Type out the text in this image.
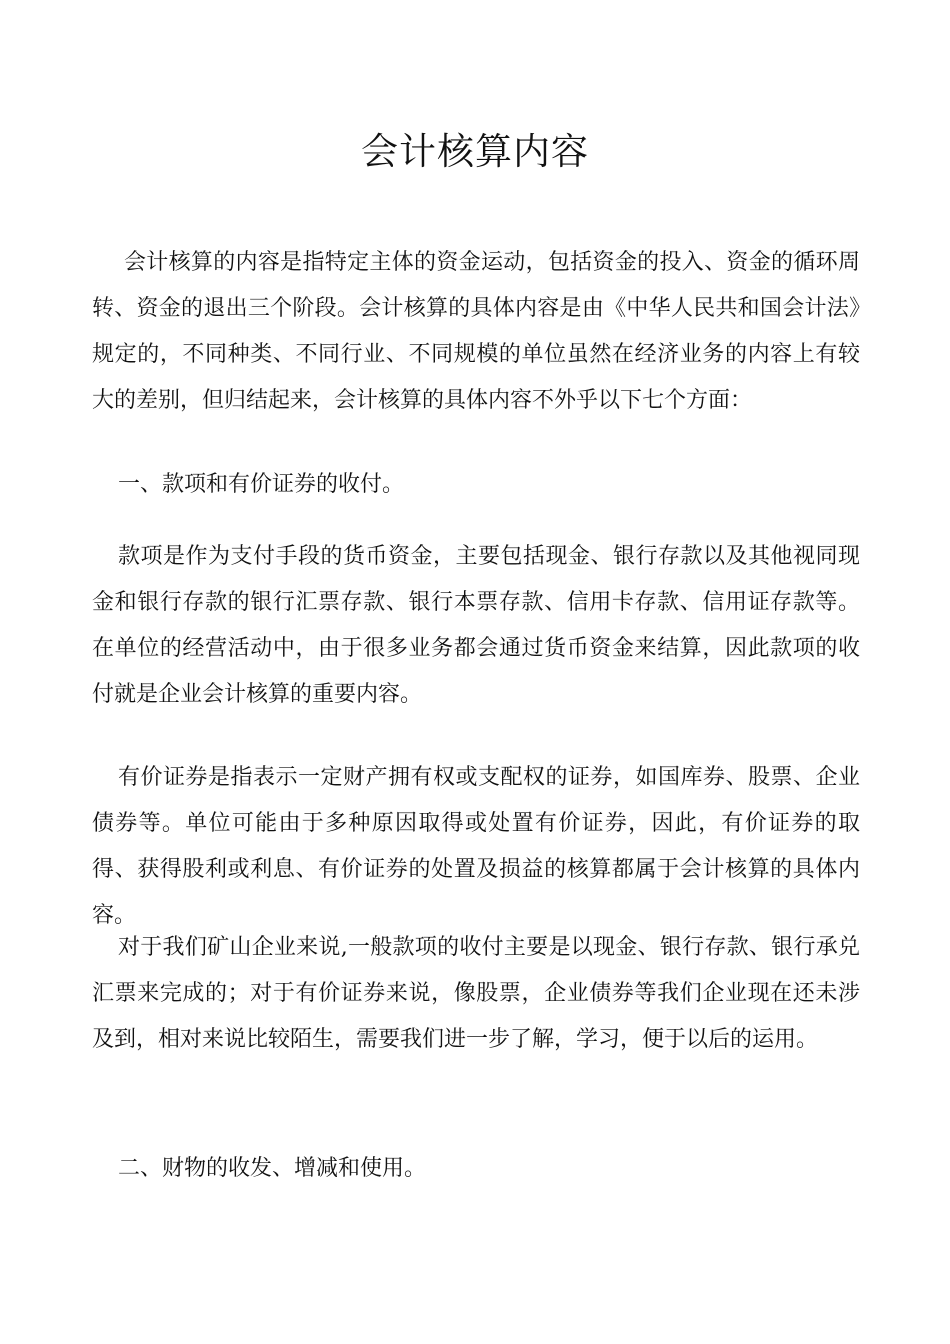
会计核算内容

会计核算的内容是指特定主体的资金运动，包括资金的投入、资金的循环周转、资金的退出三个阶段。会计核算的具体内容是由《中华人民共和国会计法》规定的，不同种类、不同行业、不同规模的单位虽然在经济业务的内容上有较大的差别，但归结起来，会计核算的具体内容不外乎以下七个方面：

一、款项和有价证券的收付。

款项是作为支付手段的货币资金，主要包括现金、银行存款以及其他视同现金和银行存款的银行汇票存款、银行本票存款、信用卡存款、信用证存款等。在单位的经营活动中，由于很多业务都会通过货币资金来结算，因此款项的收付就是企业会计核算的重要内容。

有价证券是指表示一定财产拥有权或支配权的证券，如国库券、股票、企业债券等。单位可能由于多种原因取得或处置有价证券，因此，有价证券的取得、获得股利或利息、有价证券的处置及损益的核算都属于会计核算的具体内容。

对于我们矿山企业来说,一般款项的收付主要是以现金、银行存款、银行承兑汇票来完成的；对于有价证券来说，像股票，企业债券等我们企业现在还未涉及到，相对来说比较陌生，需要我们进一步了解，学习，便于以后的运用。

二、财物的收发、增减和使用。
